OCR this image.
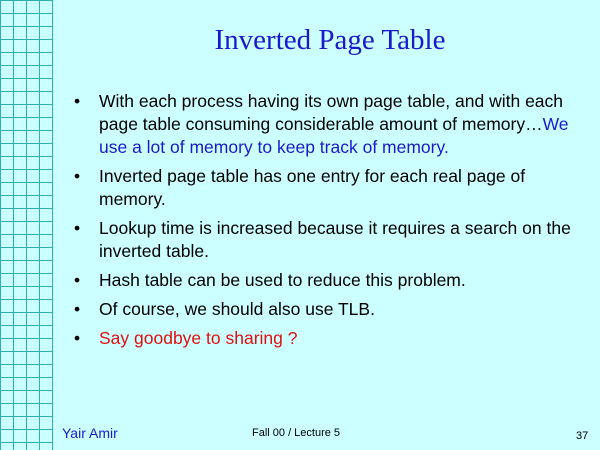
Inverted Page Table
•	With each process having its own page table, and with each page table consuming considerable amount of memory…We use a lot of memory to keep track of memory.
•	Inverted page table has one entry for each real page of memory.
•	Lookup time is increased because it requires a search on the inverted table.
•	Hash table can be used to reduce this problem.
•	Of course, we should also use TLB.
•	Say goodbye to sharing ?
Yair Amir	Fall 00 / Lecture 5	37
